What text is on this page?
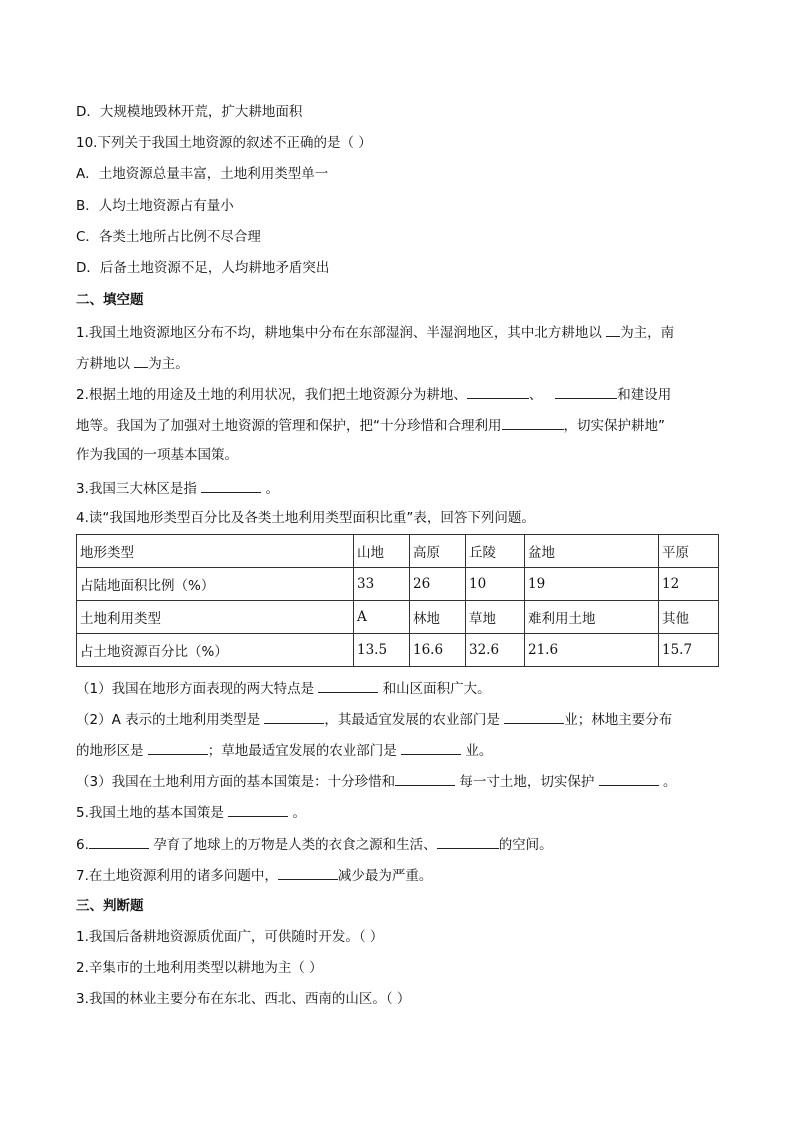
D．大规模地毁林开荒，扩大耕地面积
10.下列关于我国土地资源的叙述不正确的是（ ）
A．土地资源总量丰富，土地利用类型单一
B．人均土地资源占有量小
C．各类土地所占比例不尽合理
D．后备土地资源不足，人均耕地矛盾突出
二、填空题
1.我国土地资源地区分布不均，耕地集中分布在东部湿润、半湿润地区，其中北方耕地以 为主，南
方耕地以 为主。
2.根据土地的用途及土地的利用状况，我们把土地资源分为耕地、	、	和建设用
地等。我国为了加强对土地资源的管理和保护，把“十分珍惜和合理利用	，切实保护耕地”
作为我国的一项基本国策。
3.我国三大林区是指	。
4.读“我国地形类型百分比及各类土地利用类型面积比重”表，回答下列问题。
地形类型	山地	高原	丘陵	盆地	平原
占陆地面积比例（%）	33	26	10	19	12
土地利用类型	A	林地	草地	难利用土地	其他
占土地资源百分比（%）	13.5	16.6	32.6	21.6	15.7
（1）我国在地形方面表现的两大特点是	和山区面积广大。
（2）A 表示的土地利用类型是	，其最适宜发展的农业部门是	业；林地主要分布
的地形区是	；草地最适宜发展的农业部门是	业。
（3）我国在土地利用方面的基本国策是：十分珍惜和	每一寸土地，切实保护	。
5.我国土地的基本国策是	。
6.	孕育了地球上的万物是人类的衣食之源和生活、	的空间。
7.在土地资源利用的诸多问题中，	减少最为严重。
三、判断题
1.我国后备耕地资源质优面广，可供随时开发。（ ）
2.辛集市的土地利用类型以耕地为主（ ）
3.我国的林业主要分布在东北、西北、西南的山区。（ ）
